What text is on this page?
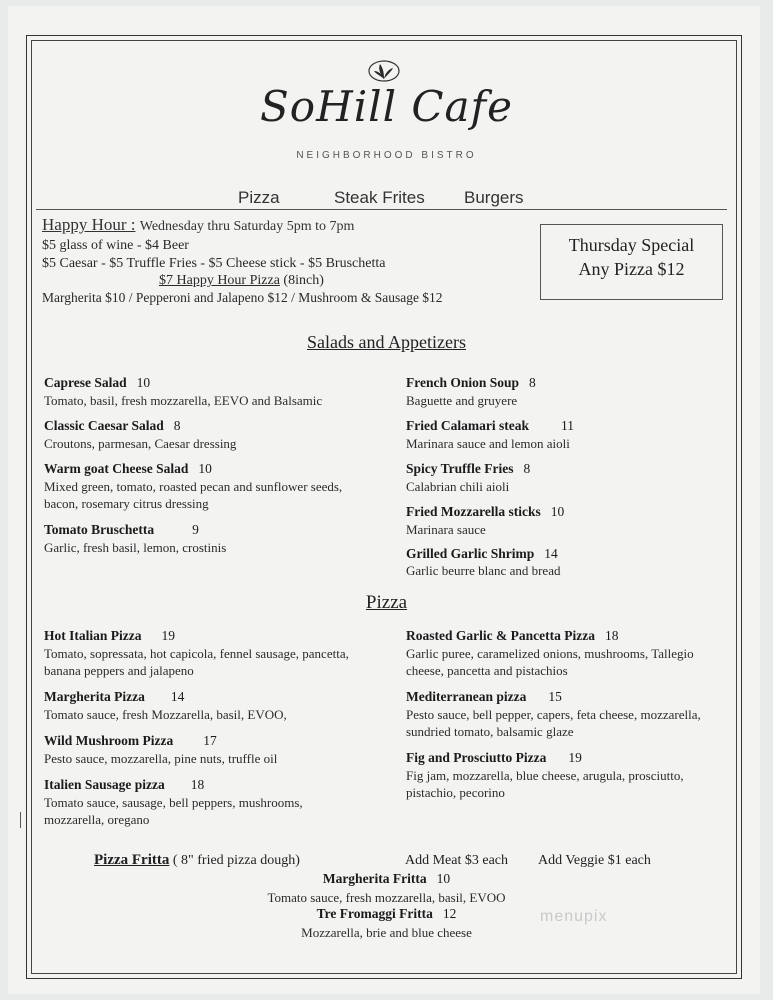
SoHill Cafe
NEIGHBORHOOD BISTRO
Pizza	Steak Frites Burgers
Happy Hour : Wednesday thru Saturday 5pm to 7pm
$5 glass of wine - $4 Beer
$5 Caesar - $5 Truffle Fries - $5 Cheese stick - $5 Bruschetta
$7 Happy Hour Pizza (8inch)
Margherita $10 / Pepperoni and Jalapeno $12 / Mushroom & Sausage $12
Thursday Special
Any Pizza $12
Salads and Appetizers
Caprese Salad 10
Tomato, basil, fresh mozzarella, EEVO and Balsamic
Classic Caesar Salad 8
Croutons, parmesan, Caesar dressing
Warm goat Cheese Salad 10
Mixed green, tomato, roasted pecan and sunflower seeds, bacon, rosemary citrus dressing
Tomato Bruschetta	9
Garlic, fresh basil, lemon, crostinis
French Onion Soup 8
Baguette and gruyere
Fried Calamari steak 11
Marinara sauce and lemon aioli
Spicy Truffle Fries 8
Calabrian chili aioli
Fried Mozzarella sticks 10
Marinara sauce
Grilled Garlic Shrimp 14
Garlic beurre blanc and bread
Pizza
Hot Italian Pizza 19
Tomato, sopressata, hot capicola, fennel sausage, pancetta, banana peppers and jalapeno
Margherita Pizza 14
Tomato sauce, fresh Mozzarella, basil, EVOO,
Wild Mushroom Pizza 17
Pesto sauce, mozzarella, pine nuts, truffle oil
Italien Sausage pizza 18
Tomato sauce, sausage, bell peppers, mushrooms, mozzarella, oregano
Roasted Garlic & Pancetta Pizza 18
Garlic puree, caramelized onions, mushrooms, Tallegio cheese, pancetta and pistachios
Mediterranean pizza 15
Pesto sauce, bell pepper, capers, feta cheese, mozzarella, sundried tomato, balsamic glaze
Fig and Prosciutto Pizza 19
Fig jam, mozzarella, blue cheese, arugula, prosciutto, pistachio, pecorino
Pizza Fritta ( 8" fried pizza dough)	Add Meat $3 each Add Veggie $1 each
Margherita Fritta 10
Tomato sauce, fresh mozzarella, basil, EVOO
Tre Fromaggi Fritta 12
Mozzarella, brie and blue cheese
menupix
